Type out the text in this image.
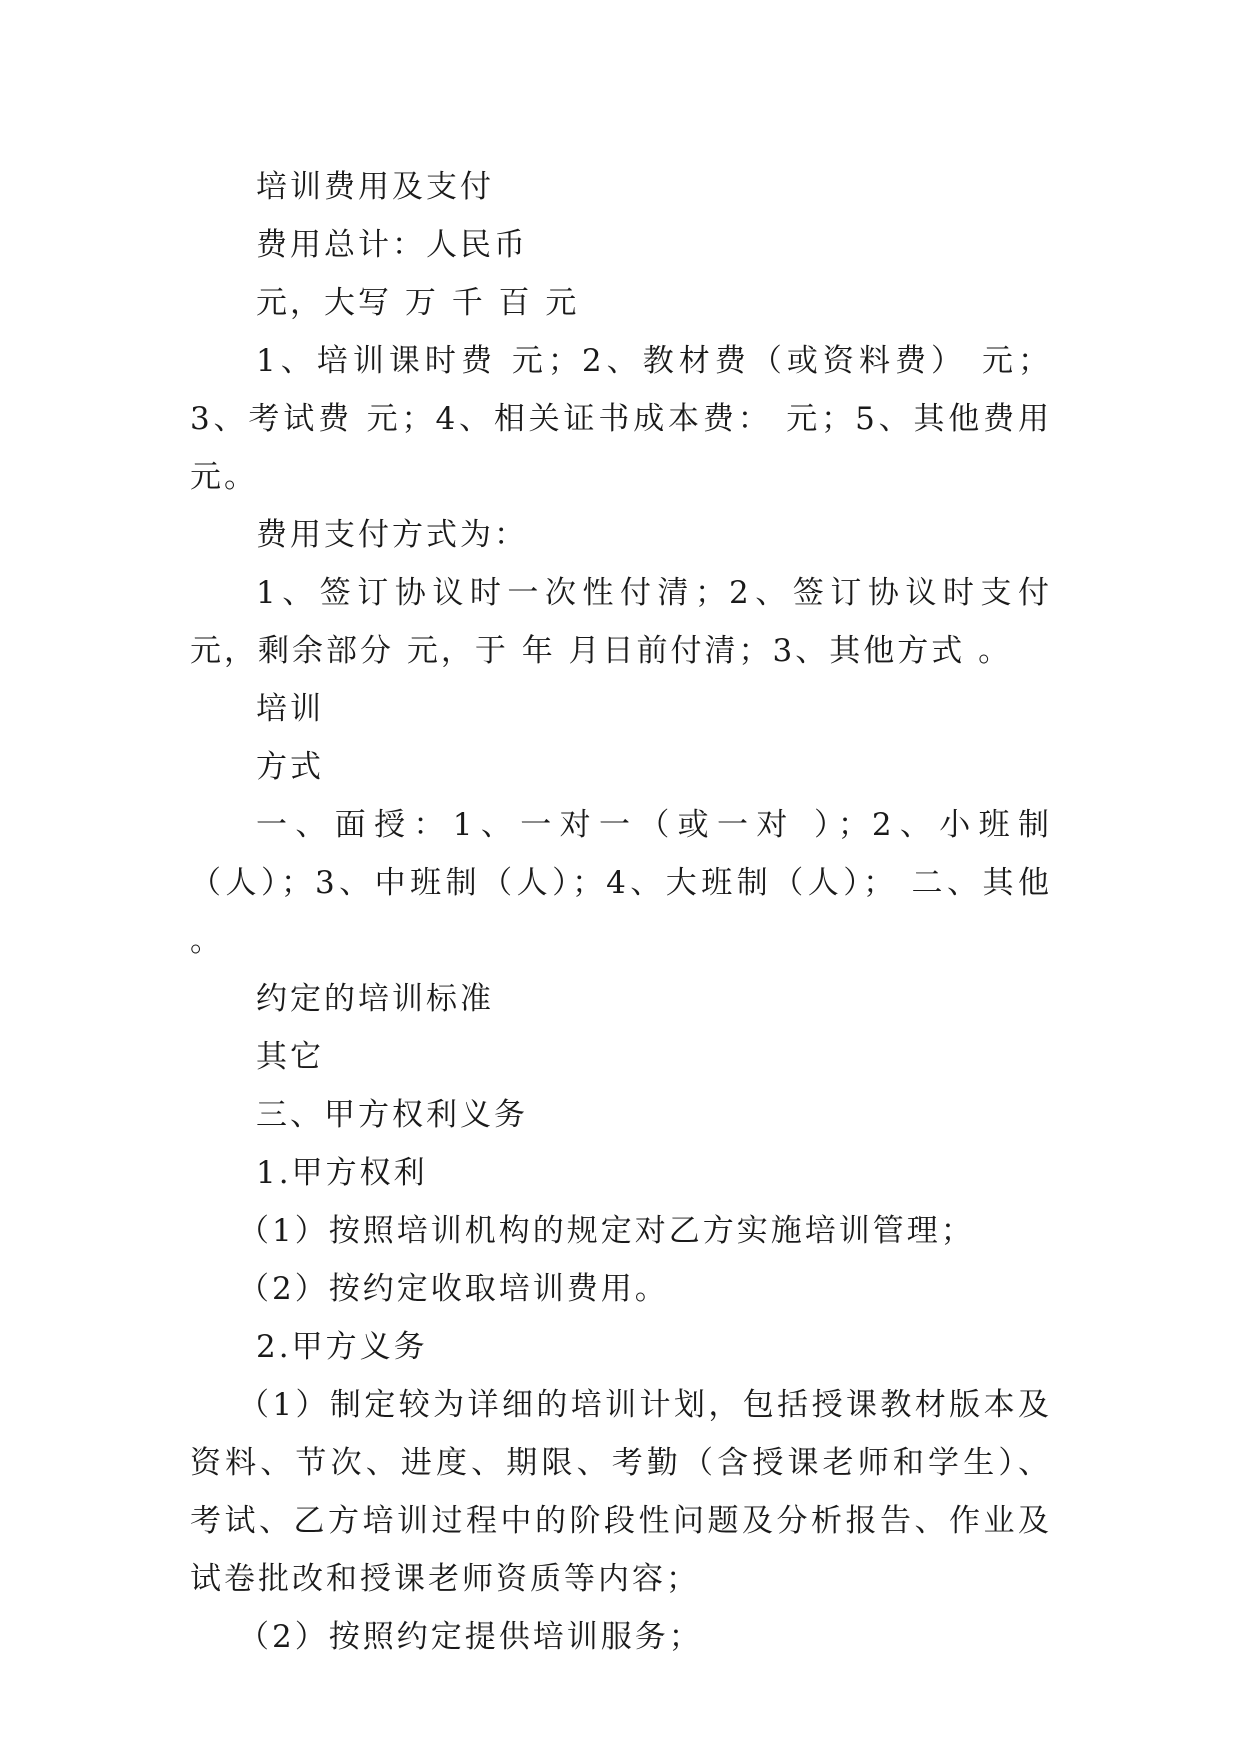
培训费用及支付

费用总计：人民币

元，大写 万 千 百 元

1、培训课时费 元；2、教材费（或资料费） 元；3、考试费 元；4、相关证书成本费： 元；5、其他费用 元。

费用支付方式为：

1、签订协议时一次性付清；2、签订协议时支付 元，剩余部分 元，于 年 月日前付清；3、其他方式 。

培训

方式

一、面授：1、一对一（或一对 ）；2、小班制（人）；3、中班制（人）；4、大班制（人）； 二、其他 。

约定的培训标准

其它

三、甲方权利义务

1.甲方权利

（1）按照培训机构的规定对乙方实施培训管理；

（2）按约定收取培训费用。

2.甲方义务

（1）制定较为详细的培训计划，包括授课教材版本及资料、节次、进度、期限、考勤（含授课老师和学生）、考试、乙方培训过程中的阶段性问题及分析报告、作业及试卷批改和授课老师资质等内容；

（2）按照约定提供培训服务；
